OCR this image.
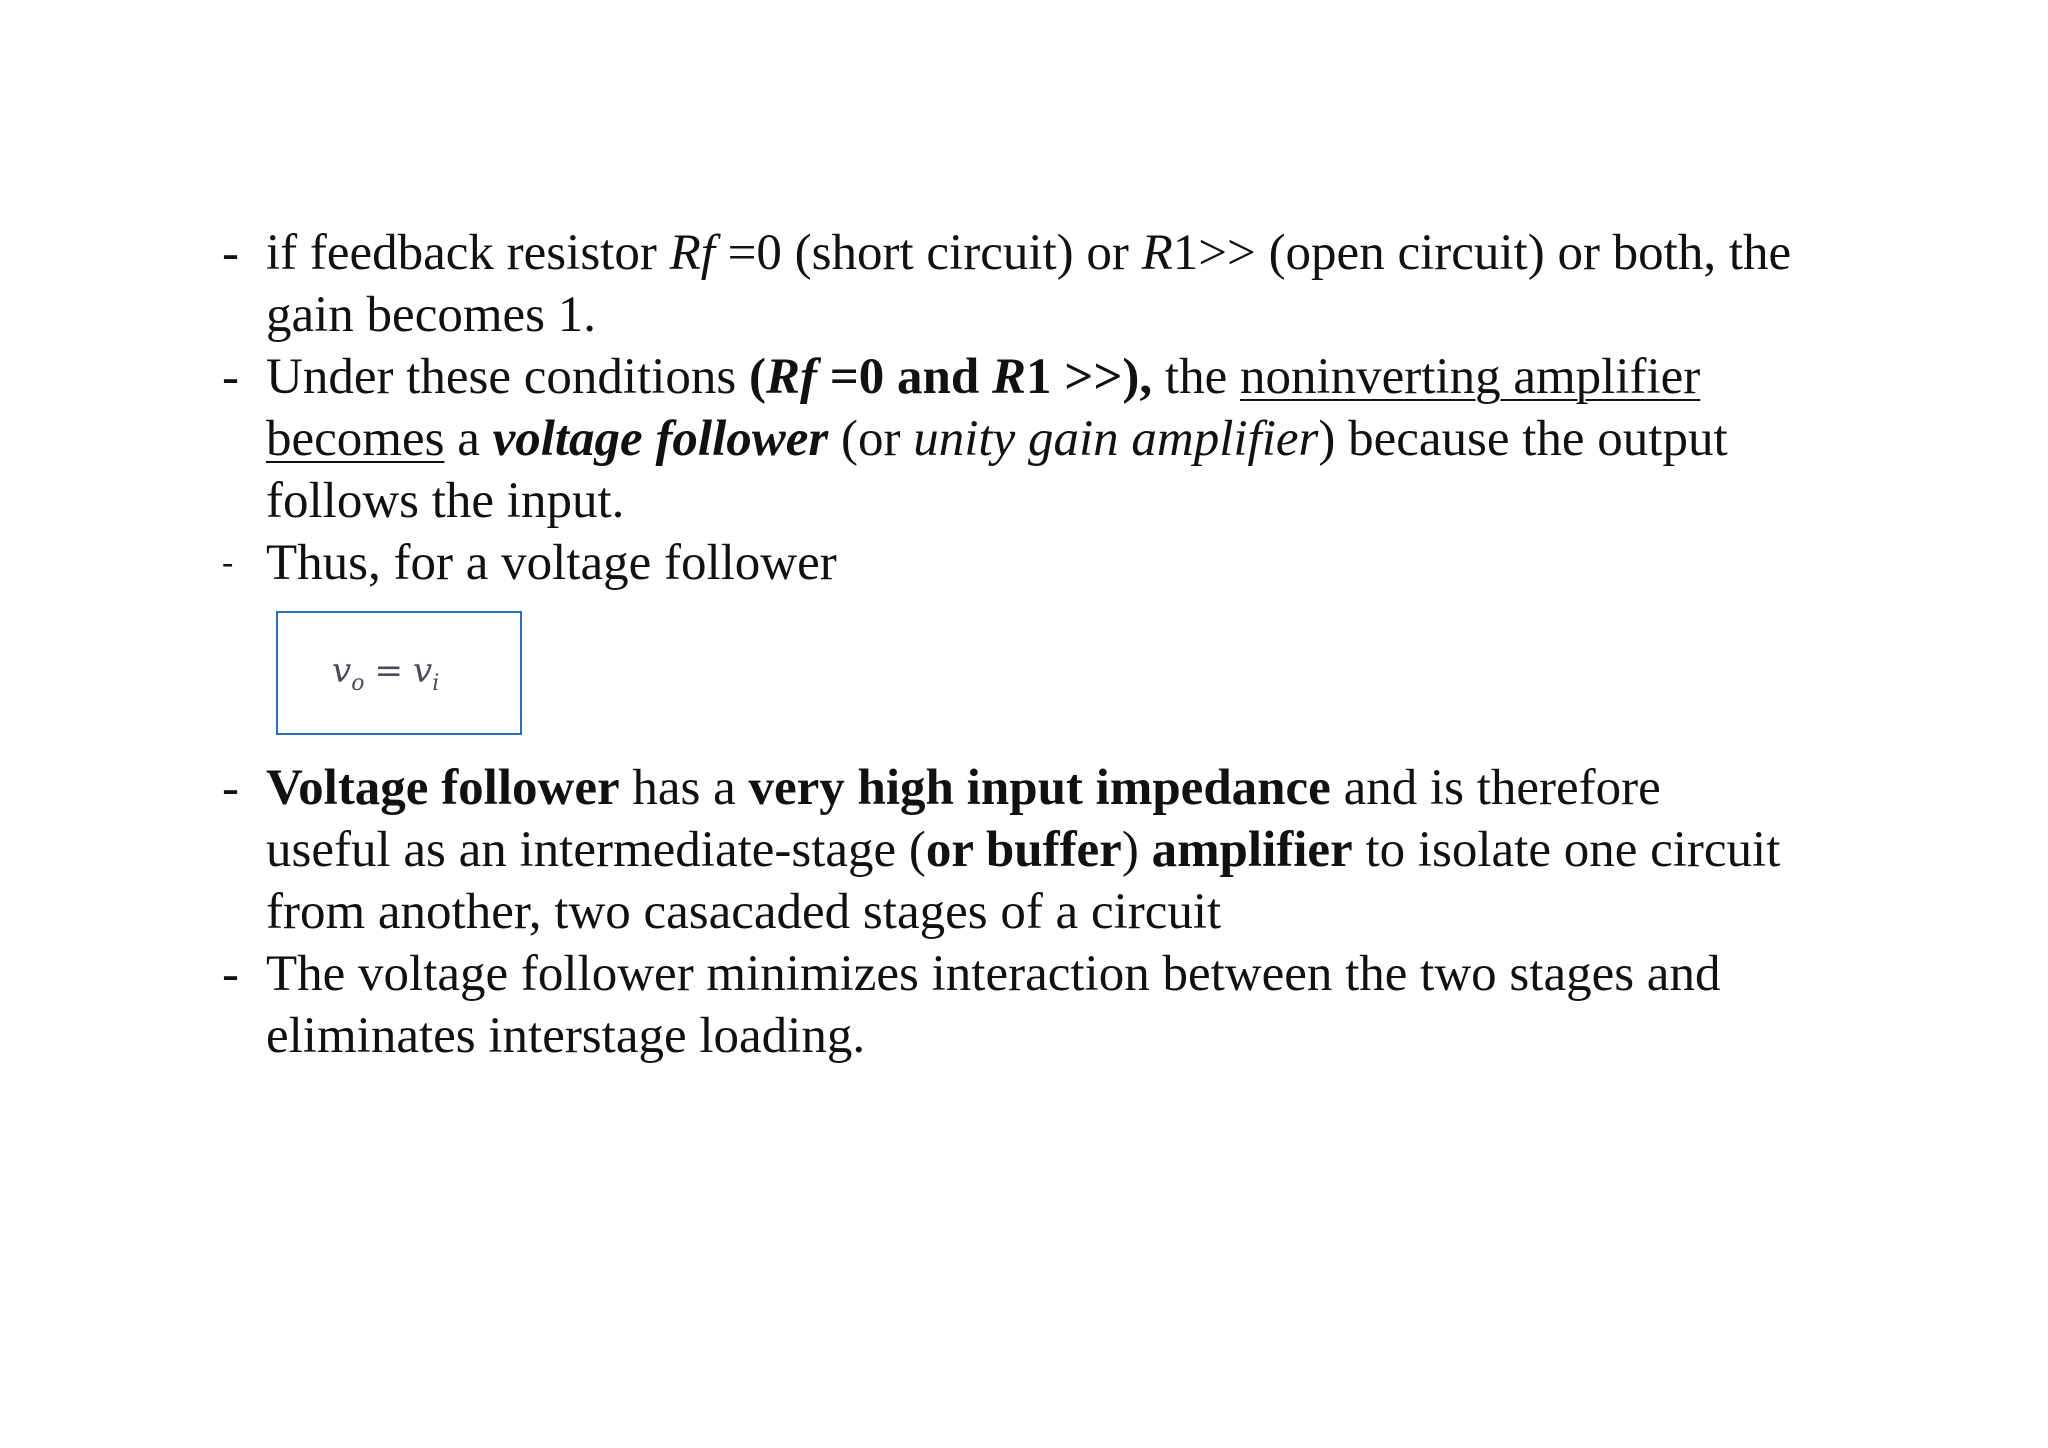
- if feedback resistor Rf =0 (short circuit) or R1>> (open circuit) or both, the
gain becomes 1.
- Under these conditions (Rf =0 and R1 >>), the noninverting amplifier
becomes a voltage follower (or unity gain amplifier) because the output
follows the input.
- Thus, for a voltage follower
$v_o = v_i$
- Voltage follower has a very high input impedance and is therefore
useful as an intermediate-stage (or buffer) amplifier to isolate one circuit
from another, two casacaded stages of a circuit
- The voltage follower minimizes interaction between the two stages and
eliminates interstage loading.
